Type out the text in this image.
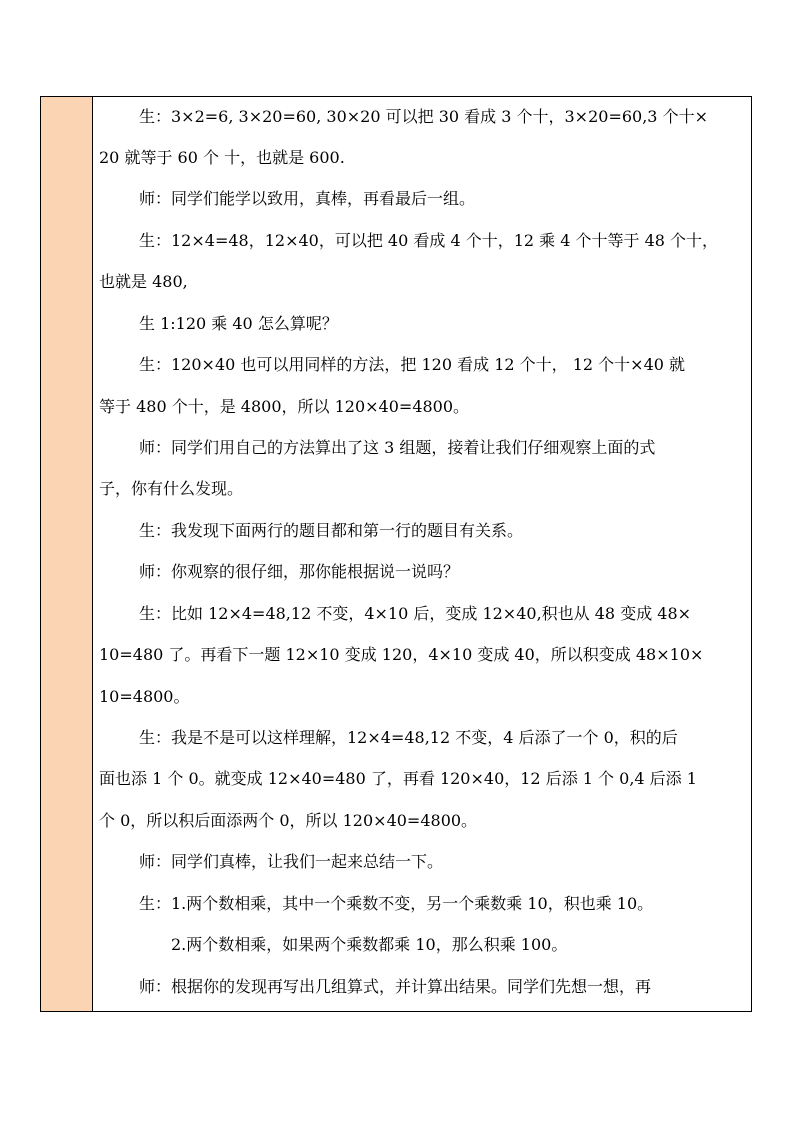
生：3×2=6, 3×20=60, 30×20 可以把 30 看成 3 个十，3×20=60,3 个十×
20 就等于 60 个 十，也就是 600.
师：同学们能学以致用，真棒，再看最后一组。
生：12×4=48，12×40，可以把 40 看成 4 个十，12 乘 4 个十等于 48 个十，
也就是 480,
生 1:120 乘 40 怎么算呢？
生：120×40 也可以用同样的方法，把 120 看成 12 个十， 12 个十×40 就
等于 480 个十，是 4800，所以 120×40=4800。
师：同学们用自己的方法算出了这 3 组题，接着让我们仔细观察上面的式
子，你有什么发现。
生：我发现下面两行的题目都和第一行的题目有关系。
师：你观察的很仔细，那你能根据说一说吗？
生：比如 12×4=48,12 不变，4×10 后，变成 12×40,积也从 48 变成 48×
10=480 了。再看下一题 12×10 变成 120，4×10 变成 40，所以积变成 48×10×
10=4800。
生：我是不是可以这样理解，12×4=48,12 不变，4 后添了一个 0，积的后
面也添 1 个 0。就变成 12×40=480 了，再看 120×40，12 后添 1 个 0,4 后添 1
个 0，所以积后面添两个 0，所以 120×40=4800。
师：同学们真棒，让我们一起来总结一下。
生：1.两个数相乘，其中一个乘数不变，另一个乘数乘 10，积也乘 10。
2.两个数相乘，如果两个乘数都乘 10，那么积乘 100。
师：根据你的发现再写出几组算式，并计算出结果。同学们先想一想，再
